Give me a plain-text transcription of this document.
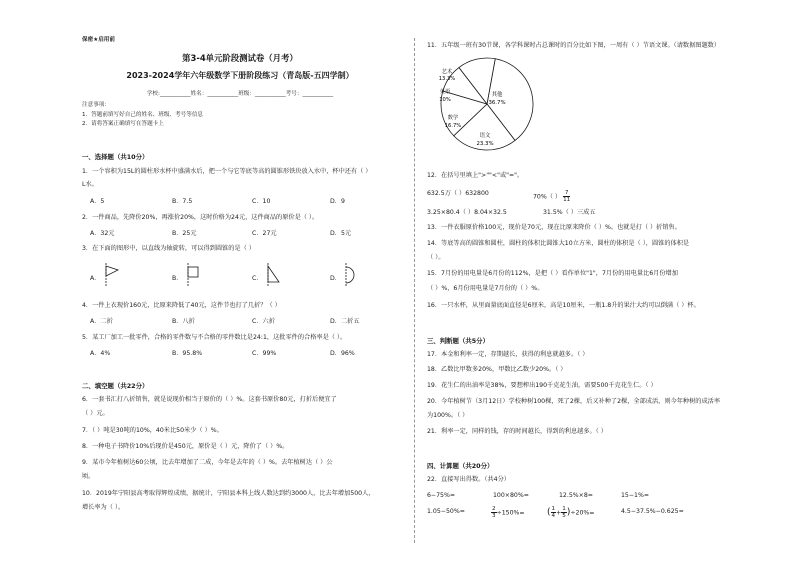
保密★启用前
第3-4单元阶段测试卷（月考）
2023-2024学年六年级数学下册阶段练习（青岛版-五四学制）
学校:___________姓名：___________班级：___________考号：___________
注意事项：
1．答题前填写好自己的姓名、班级、考号等信息
2．请将答案正确填写在答题卡上
一、选择题（共10分）
1．一个容积为15L的圆柱形水杯中盛满水后，把一个与它等底等高的圆锥形铁块放入水中，杯中还有（ ）
L水。
A．5	B．7.5	C．10	D．9
2．一件商品，先降价20%，再涨价20%，这时价格为24元，这件商品的原价是（ ）。
A．32元	B．25元	C．27元	D．5元
3．在下面的图形中，以直线为轴旋转，可以得到圆锥的是（ ）
A．	B．	C．	D．
4．一件上衣现价160元，比原来降低了40元，这件节也打了几折？（ ）
A．二折	B．八折	C．六折	D．二折五
5．某工厂加工一批零件，合格的零件数与不合格的零件数比是24:1，这批零件的合格率是（ ）。
A．4%	B．95.8%	C．99%	D．96%
二、填空题（共22分）
6．一套书汇打八折销售，就是说现价相当于原价的（ ）%。这套书原价80元，打折后便宜了
（ ）元。
7．（ ）吨是30吨的10%，40米比50米少（ ）%。
8．一种电子书降价10%后现价是450元，原价是（ ）元，降价了（ ）%。
9．某市今年植树达60公顷，比去年增加了二成，今年是去年的（ ）%。去年植树达（ ）公
顷。
10．2019年宁阳县高考取得辉煌成绩，据统计，宁阳县本科上线人数达到约3000人，比去年增加500人，
增长率为（ ）。
11．五年级一班有30节课，各学科课时占总课时的百分比如下图，一周有（ ）节语文课。（请数据图题数）
艺术
13.3%
其他
36.7%
语文
23.3%
数学
16.7%
英语
10%
12．在括号里填上">""<"或"="。
632.5万（ ）632800	70%（ ） $\frac{7}{11}$
3.25×80.4（ ）8.04×32.5	31.5%（ ）三成五
13．一件衣服原价格100元，现价是70元，现在比原来降价（ ）%。也就是打（ ）折销售。
14．等底等高的圆锥和圆柱，圆柱的体积比圆锥大10立方米，圆柱的体积是（ ），圆锥的体积是
（ ）。
15．7月份的用电量是6月份的112%，是把（ ）看作单位"1"，7月份的用电量比6月份增加
（ ）%，6月份用电量是7月份的（ ）%。
16．一只水杯，从里面量底面直径是6厘米，高是10厘米，一瓶1.8升的果汁大约可以倒满（ ）杯。
三、判断题（共5分）
17．本金和利率一定，存期越长，获得的利息就越多。（ ）
18．乙数比甲数多20%，甲数比乙数少20%。（ ）
19．花生仁的出油率是38%，要想榨出190千克花生油，需要500千克花生仁。（ ）
20．今年植树节（3月12日）学校种树100棵，死了2棵，后又补种了2棵，全部成活，则今年种树的成活率
为100%。（ ）
21．利率一定，同样的钱，存的时间越长，得到的利息越多。（ ）
四、计算题（共20分）
22．直接写出得数。（共4分）
6−75%=	100×80%=	12.5%×8=	15−1%=
1.05−50%=	$\frac{2}{3} \div 150\%=$ ( $\frac{1}{4} + \frac{1}{5} )\div 20\%=$	4.5−37.5%−0.625=
